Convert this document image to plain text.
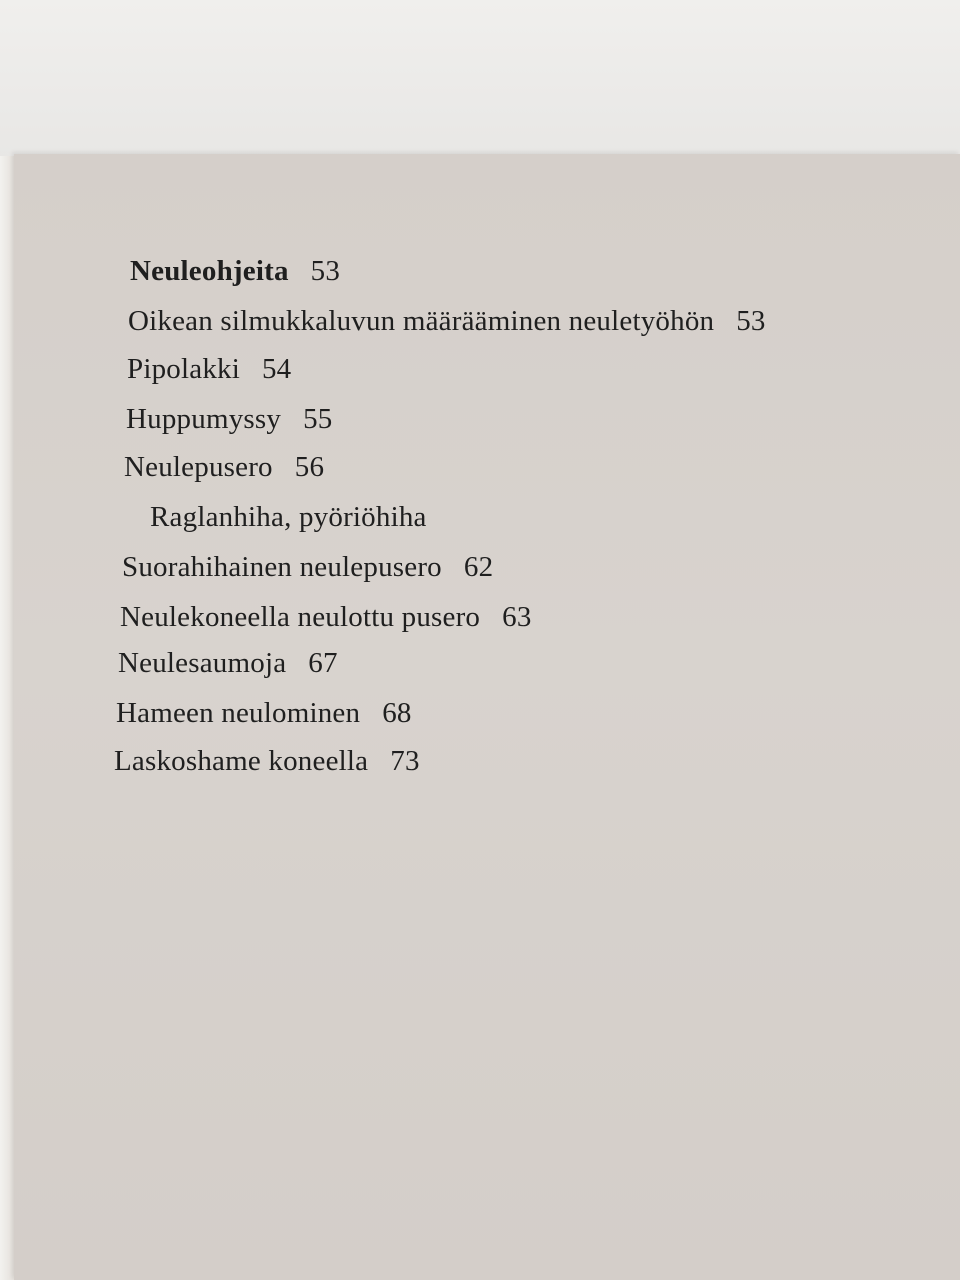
Neuleohjeita 53
Oikean silmukkaluvun määrääminen neuletyöhön 53
Pipolakki 54
Huppumyssy 55
Neulepusero 56
Raglanhiha, pyöriöhiha
Suorahihainen neulepusero 62
Neulekoneella neulottu pusero 63
Neulesaumoja 67
Hameen neulominen 68
Laskoshame koneella 73
